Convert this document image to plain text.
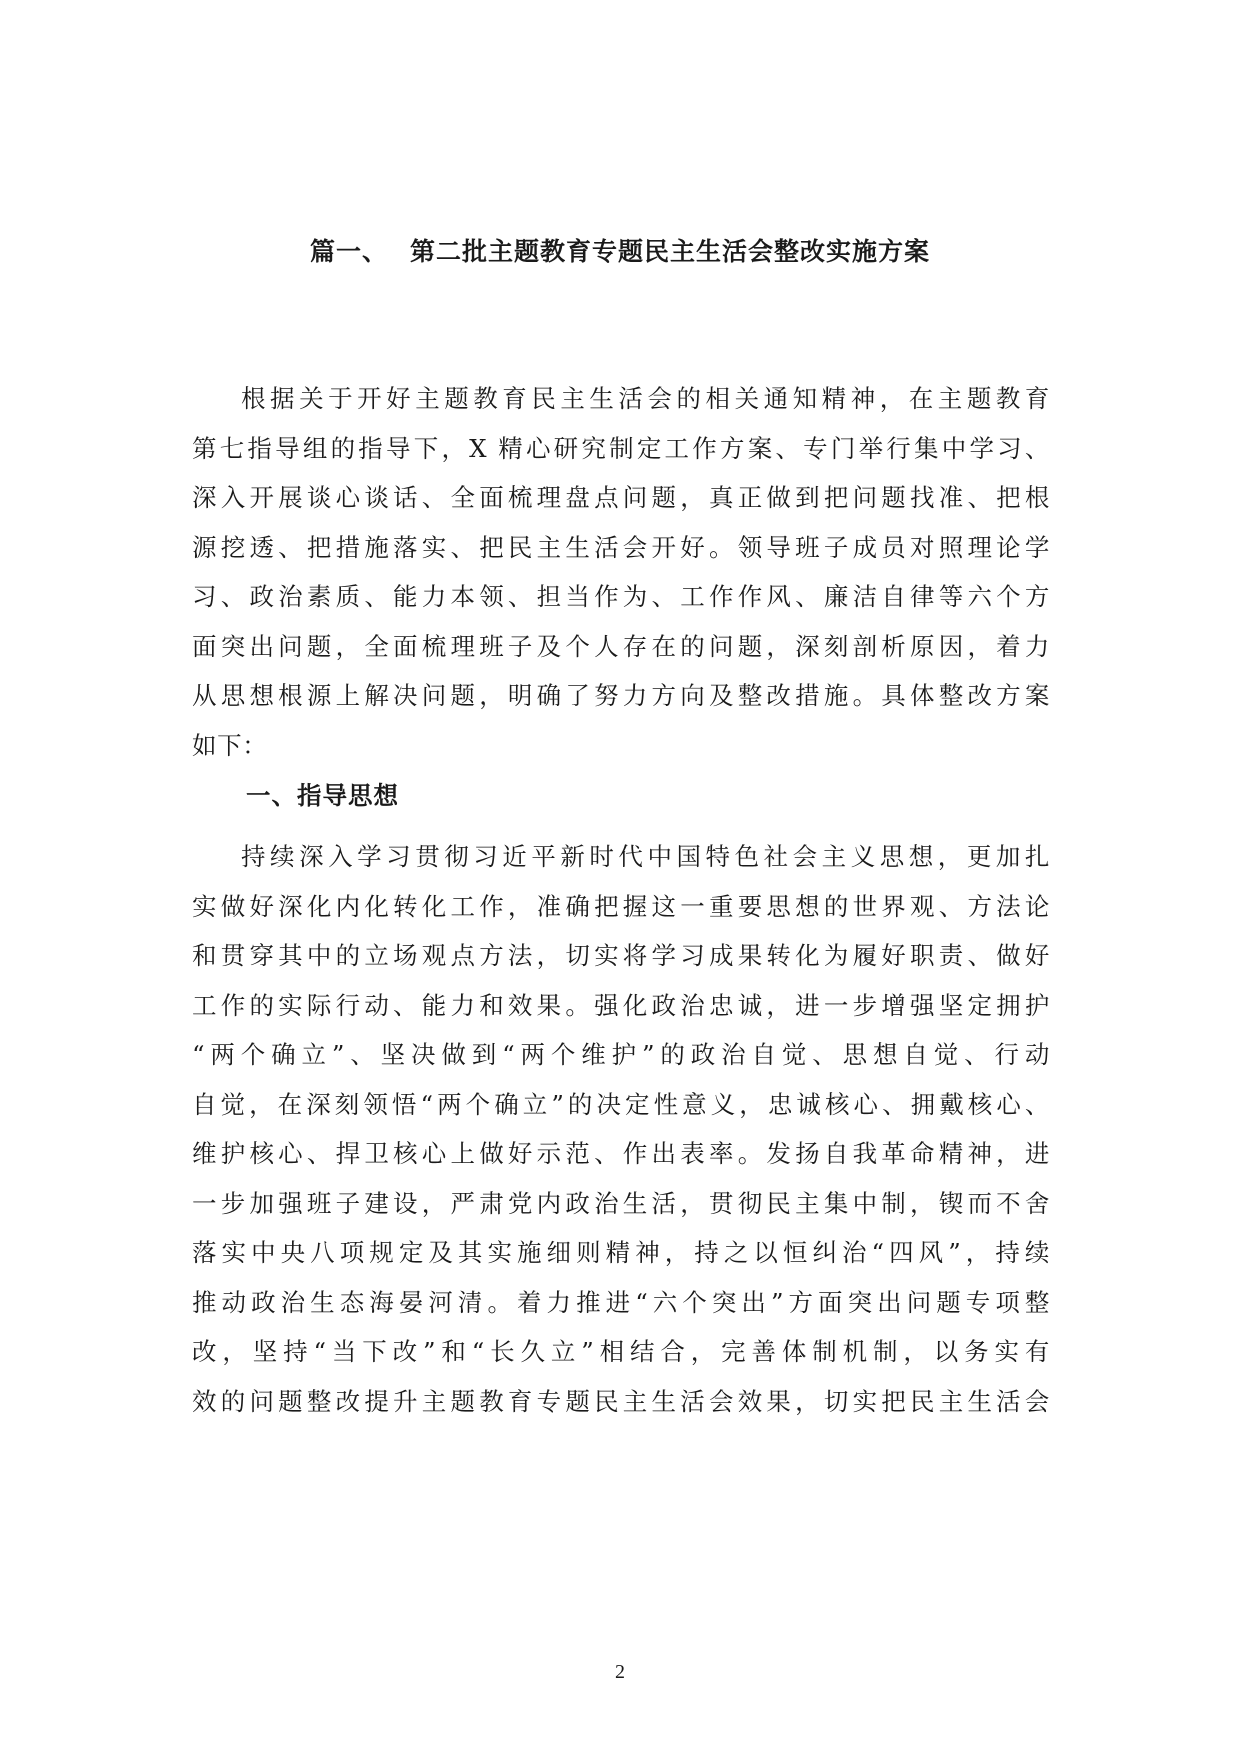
篇一、 第二批主题教育专题民主生活会整改实施方案
根据关于开好主题教育民主生活会的相关通知精神，在主题教育
第七指导组的指导下，X 精心研究制定工作方案、专门举行集中学习、
深入开展谈心谈话、全面梳理盘点问题，真正做到把问题找准、把根
源挖透、把措施落实、把民主生活会开好。领导班子成员对照理论学
习、政治素质、能力本领、担当作为、工作作风、廉洁自律等六个方
面突出问题，全面梳理班子及个人存在的问题，深刻剖析原因，着力
从思想根源上解决问题，明确了努力方向及整改措施。具体整改方案
如下：
一、指导思想
持续深入学习贯彻习近平新时代中国特色社会主义思想，更加扎
实做好深化内化转化工作，准确把握这一重要思想的世界观、方法论
和贯穿其中的立场观点方法，切实将学习成果转化为履好职责、做好
工作的实际行动、能力和效果。强化政治忠诚，进一步增强坚定拥护
“两个确立”、坚决做到“两个维护”的政治自觉、思想自觉、行动
自觉，在深刻领悟“两个确立”的决定性意义，忠诚核心、拥戴核心、
维护核心、捍卫核心上做好示范、作出表率。发扬自我革命精神，进
一步加强班子建设，严肃党内政治生活，贯彻民主集中制，锲而不舍
落实中央八项规定及其实施细则精神，持之以恒纠治“四风”，持续
推动政治生态海晏河清。着力推进“六个突出”方面突出问题专项整
改，坚持“当下改”和“长久立”相结合，完善体制机制，以务实有
效的问题整改提升主题教育专题民主生活会效果，切实把民主生活会
2
